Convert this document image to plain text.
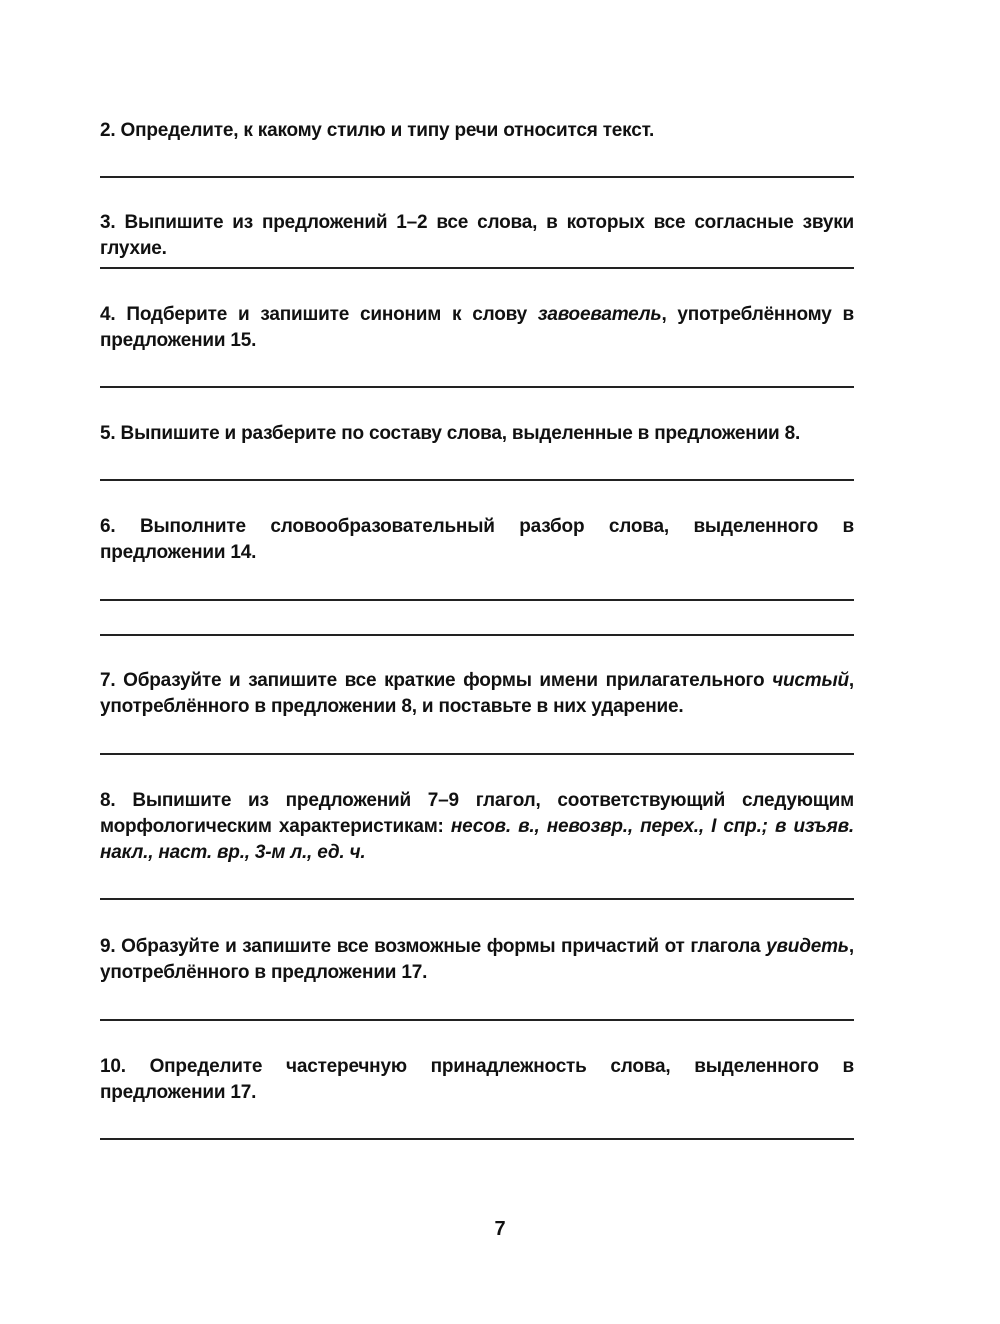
2. Определите, к какому стилю и типу речи относится текст.
3. Выпишите из предложений 1–2 все слова, в которых все согласные звуки глухие.
4. Подберите и запишите синоним к слову завоеватель, употреблённому в предложении 15.
5. Выпишите и разберите по составу слова, выделенные в предложении 8.
6. Выполните словообразовательный разбор слова, выделенного в предложении 14.
7. Образуйте и запишите все краткие формы имени прилагательного чистый, употреблённого в предложении 8, и поставьте в них ударение.
8. Выпишите из предложений 7–9 глагол, соответствующий следующим морфологическим характеристикам: несов. в., невозвр., перех., I спр.; в изъяв. накл., наст. вр., 3-м л., ед. ч.
9. Образуйте и запишите все возможные формы причастий от глагола увидеть, употреблённого в предложении 17.
10. Определите частеречную принадлежность слова, выделенного в предложении 17.
7
